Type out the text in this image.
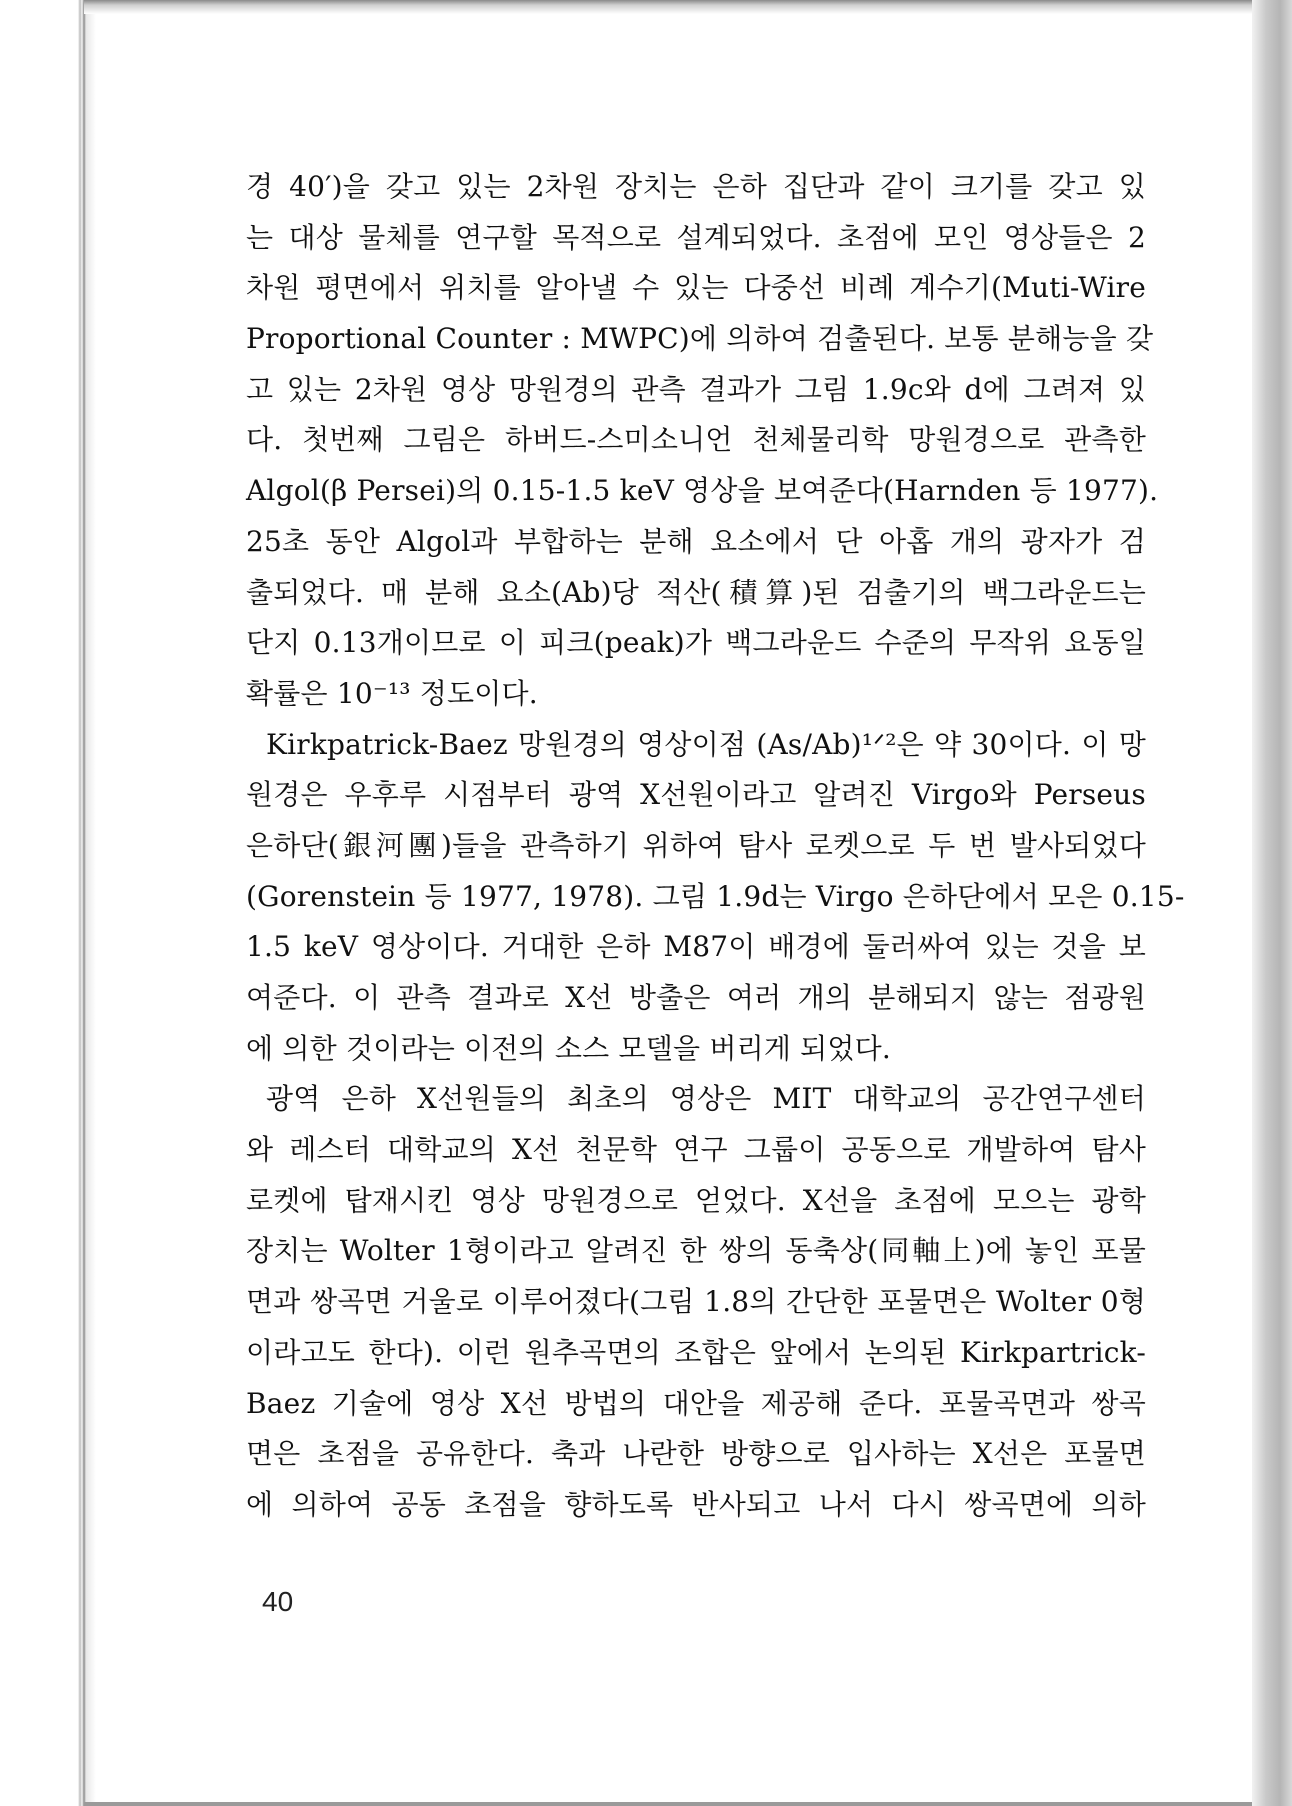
경 40′)을 갖고 있는 2차원 장치는 은하 집단과 같이 크기를 갖고 있
는 대상 물체를 연구할 목적으로 설계되었다. 초점에 모인 영상들은 2
차원 평면에서 위치를 알아낼 수 있는 다중선 비례 계수기(Muti-Wire
Proportional Counter : MWPC)에 의하여 검출된다. 보통 분해능을 갖
고 있는 2차원 영상 망원경의 관측 결과가 그림 1.9c와 d에 그려져 있
다. 첫번째 그림은 하버드-스미소니언 천체물리학 망원경으로 관측한
Algol(β Persei)의 0.15-1.5 keV 영상을 보여준다(Harnden 등 1977).
25초 동안 Algol과 부합하는 분해 요소에서 단 아홉 개의 광자가 검
출되었다. 매 분해 요소(Ab)당 적산(積算)된 검출기의 백그라운드는
단지 0.13개이므로 이 피크(peak)가 백그라운드 수준의 무작위 요동일
확률은 10⁻¹³ 정도이다.
Kirkpatrick-Baez 망원경의 영상이점 (As/Ab)¹ᐟ²은 약 30이다. 이 망
원경은 우후루 시점부터 광역 X선원이라고 알려진 Virgo와 Perseus
은하단(銀河團)들을 관측하기 위하여 탐사 로켓으로 두 번 발사되었다
(Gorenstein 등 1977, 1978). 그림 1.9d는 Virgo 은하단에서 모은 0.15-
1.5 keV 영상이다. 거대한 은하 M87이 배경에 둘러싸여 있는 것을 보
여준다. 이 관측 결과로 X선 방출은 여러 개의 분해되지 않는 점광원
에 의한 것이라는 이전의 소스 모델을 버리게 되었다.
광역 은하 X선원들의 최초의 영상은 MIT 대학교의 공간연구센터
와 레스터 대학교의 X선 천문학 연구 그룹이 공동으로 개발하여 탐사
로켓에 탑재시킨 영상 망원경으로 얻었다. X선을 초점에 모으는 광학
장치는 Wolter 1형이라고 알려진 한 쌍의 동축상(同軸上)에 놓인 포물
면과 쌍곡면 거울로 이루어졌다(그림 1.8의 간단한 포물면은 Wolter 0형
이라고도 한다). 이런 원추곡면의 조합은 앞에서 논의된 Kirkpartrick-
Baez 기술에 영상 X선 방법의 대안을 제공해 준다. 포물곡면과 쌍곡
면은 초점을 공유한다. 축과 나란한 방향으로 입사하는 X선은 포물면
에 의하여 공동 초점을 향하도록 반사되고 나서 다시 쌍곡면에 의하
40
